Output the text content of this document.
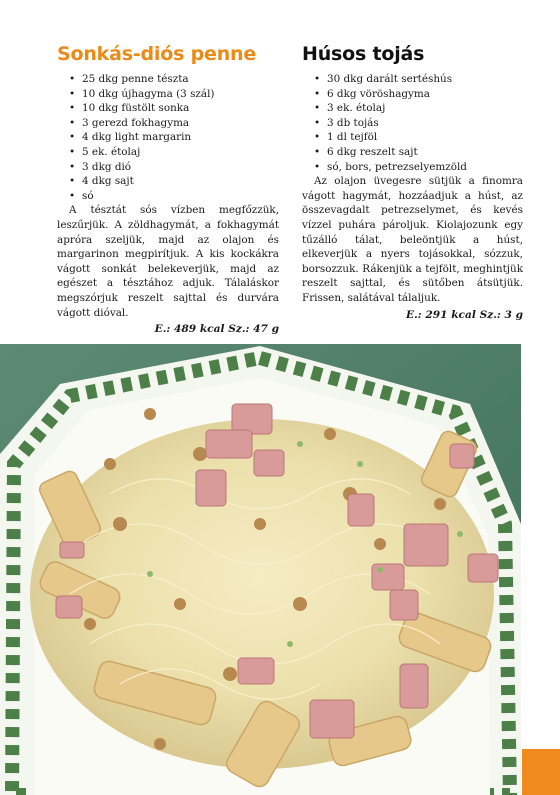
Sonkás-diós penne
• 25 dkg penne tészta
• 10 dkg újhagyma (3 szál)
• 10 dkg füstölt sonka
• 3 gerezd fokhagyma
• 4 dkg light margarin
• 5 ek. étolaj
• 3 dkg dió
• 4 dkg sajt
• só

A tésztát sós vízben megfőzzük, leszűrjük. A zöldhagymát, a fokhagymát apróra szeljük, majd az olajon és margarinon megpirítjuk. A kis kockákra vágott sonkát belekeverjük, majd az egészet a tésztához adjuk. Tálaláskor megszórjuk reszelt sajttal és durvára vágott dióval.

E.: 489 kcal Sz.: 47 g
Húsos tojás
• 30 dkg darált sertéshús
• 6 dkg vöröshagyma
• 3 ek. étolaj
• 3 db tojás
• 1 dl tejföl
• 6 dkg reszelt sajt
• só, bors, petrezselyemzöld

Az olajon üvegesre sütjük a finomra vágott hagymát, hozzáadjuk a húst, az összevagdalt petrezselymet, és kevés vízzel puhára pároljuk. Kiolajozunk egy tűzálló tálat, beleöntjük a húst, elkeverjük a nyers tojásokkal, sózzuk, borsozzuk. Rákenjük a tejfölt, meghintjük reszelt sajttal, és sütőben átsütjük. Frissen, salátával tálaljuk.

E.: 291 kcal Sz.: 3 g
